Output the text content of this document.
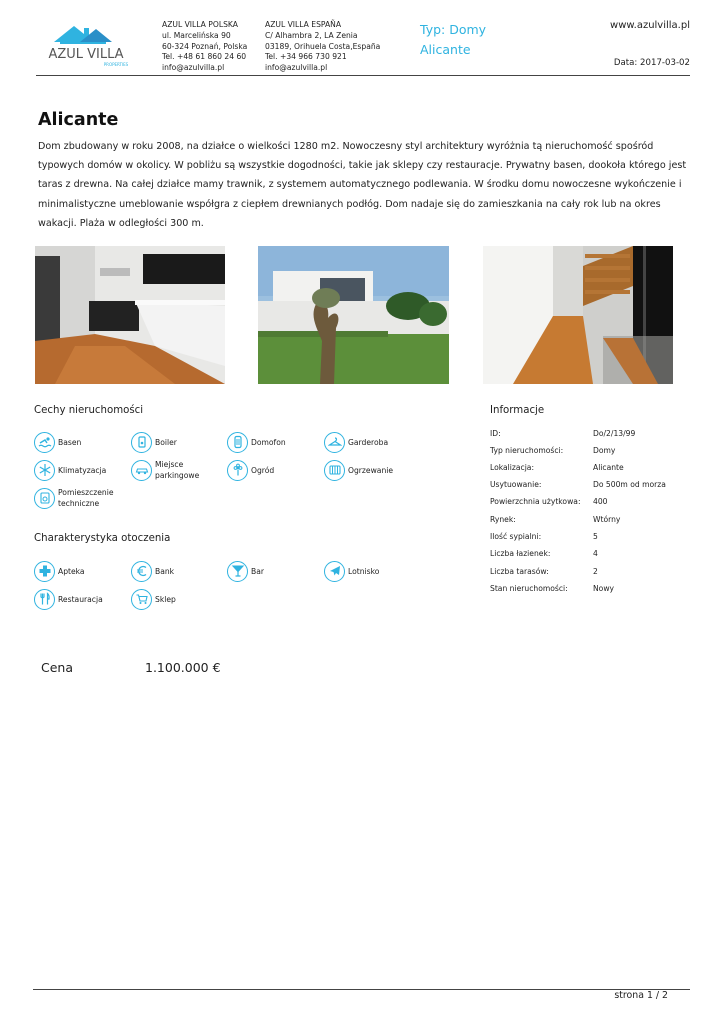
AZUL VILLA
PROPERTIES
AZUL VILLA POLSKA
ul. Marcelińska 90
60-324 Poznań, Polska
Tel. +48 61 860 24 60
info@azulvilla.pl
AZUL VILLA ESPAÑA
C/ Alhambra 2, LA Zenia
03189, Orihuela Costa,España
Tel. +34 966 730 921
info@azulvilla.pl
Typ: Domy
Alicante
www.azulvilla.pl
Data: 2017-03-02
Alicante
Dom zbudowany w roku 2008, na działce o wielkości 1280 m2. Nowoczesny styl architektury wyróżnia tą nieruchomość spośród typowych domów w okolicy. W pobliżu są wszystkie dogodności, takie jak sklepy czy restauracje. Prywatny basen, dookoła którego jest taras z drewna. Na całej działce mamy trawnik, z systemem automatycznego podlewania. W środku domu nowoczesne wykończenie i minimalistyczne umeblowanie współgra z ciepłem drewnianych podłóg. Dom nadaje się do zamieszkania na cały rok lub na okres wakacji. Plaża w odległości 300 m.
Cechy nieruchomości
Basen	Boiler	Domofon	Garderoba
Klimatyzacja
Miejsce parkingowe
Ogród	Ogrzewanie
Pomieszczenie techniczne
Charakterystyka otoczenia
Apteka	Bank	Bar	Lotnisko
Restauracja	Sklep
Informacje
ID:	Do/2/13/99
Typ nieruchomości:	Domy
Lokalizacja:	Alicante
Usytuowanie:	Do 500m od morza
Powierzchnia użytkowa: 400
Rynek:	Wtórny
Ilość sypialni:	5
Liczba łazienek:	4
Liczba tarasów:	2
Stan nieruchomości:	Nowy
Cena	1.100.000 €
strona 1 / 2
